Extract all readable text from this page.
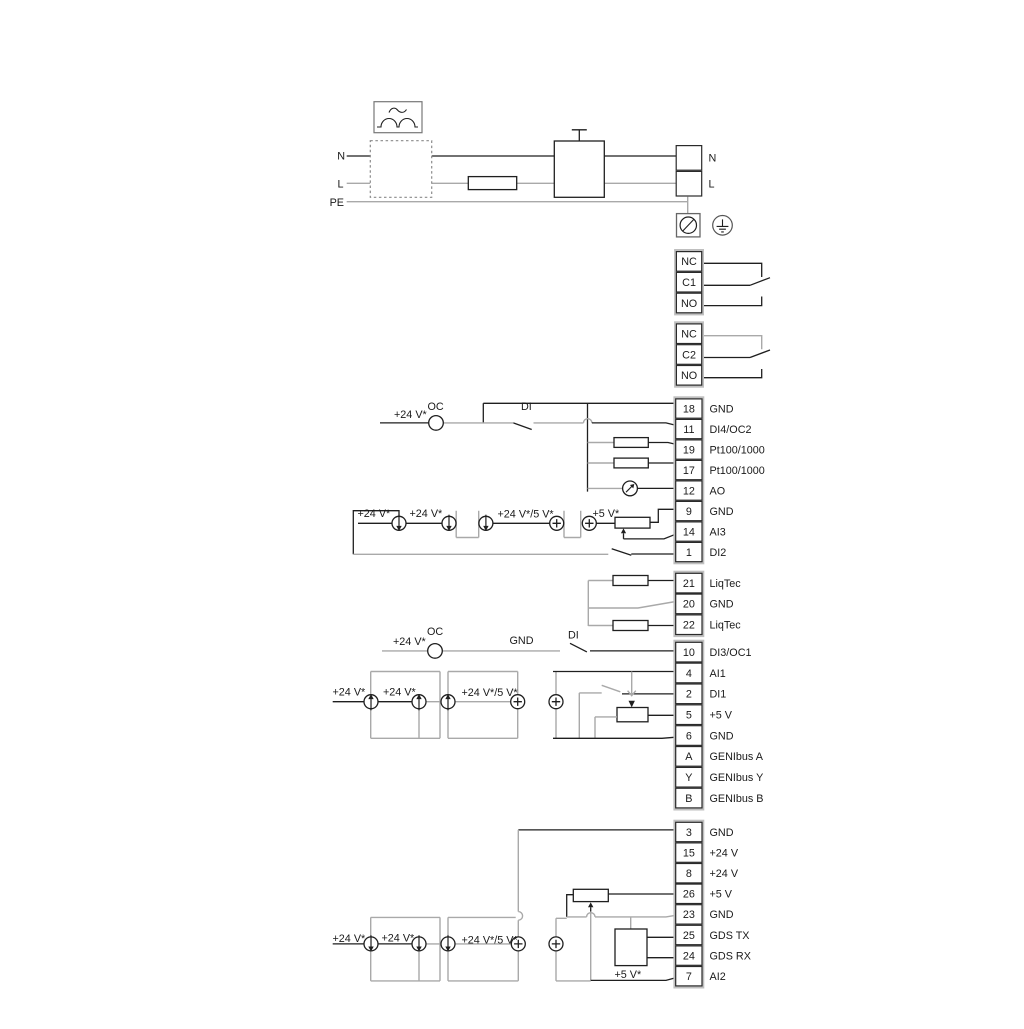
N
L
NC
C1
NO
NC
C2
NO
18 GND
11 DI4/OC2
19 Pt100/1000
17 Pt100/1000
12 AO
9 GND
14 AI3
1 DI2
21 LiqTec
20 GND
22 LiqTec
10 DI3/OC1
4 AI1
2 DI1
5 +5 V
6 GND
A GENIbus A
Y GENIbus Y
B GENIbus B
3 GND
15 +24 V
8 +24 V
26 +5 V
23 GND
25 GDS TX
24 GDS RX
7 AI2
N
L
PE
+24 V*
OC	DI
+24 V* +24 V*	+24 V*/5 V*	+5 V*
+24 V*
OC
GND	DI
+24 V* +24 V*	+24 V*/5 V*
+24 V* +24 V*	+24 V*/5 V*
+5 V*
